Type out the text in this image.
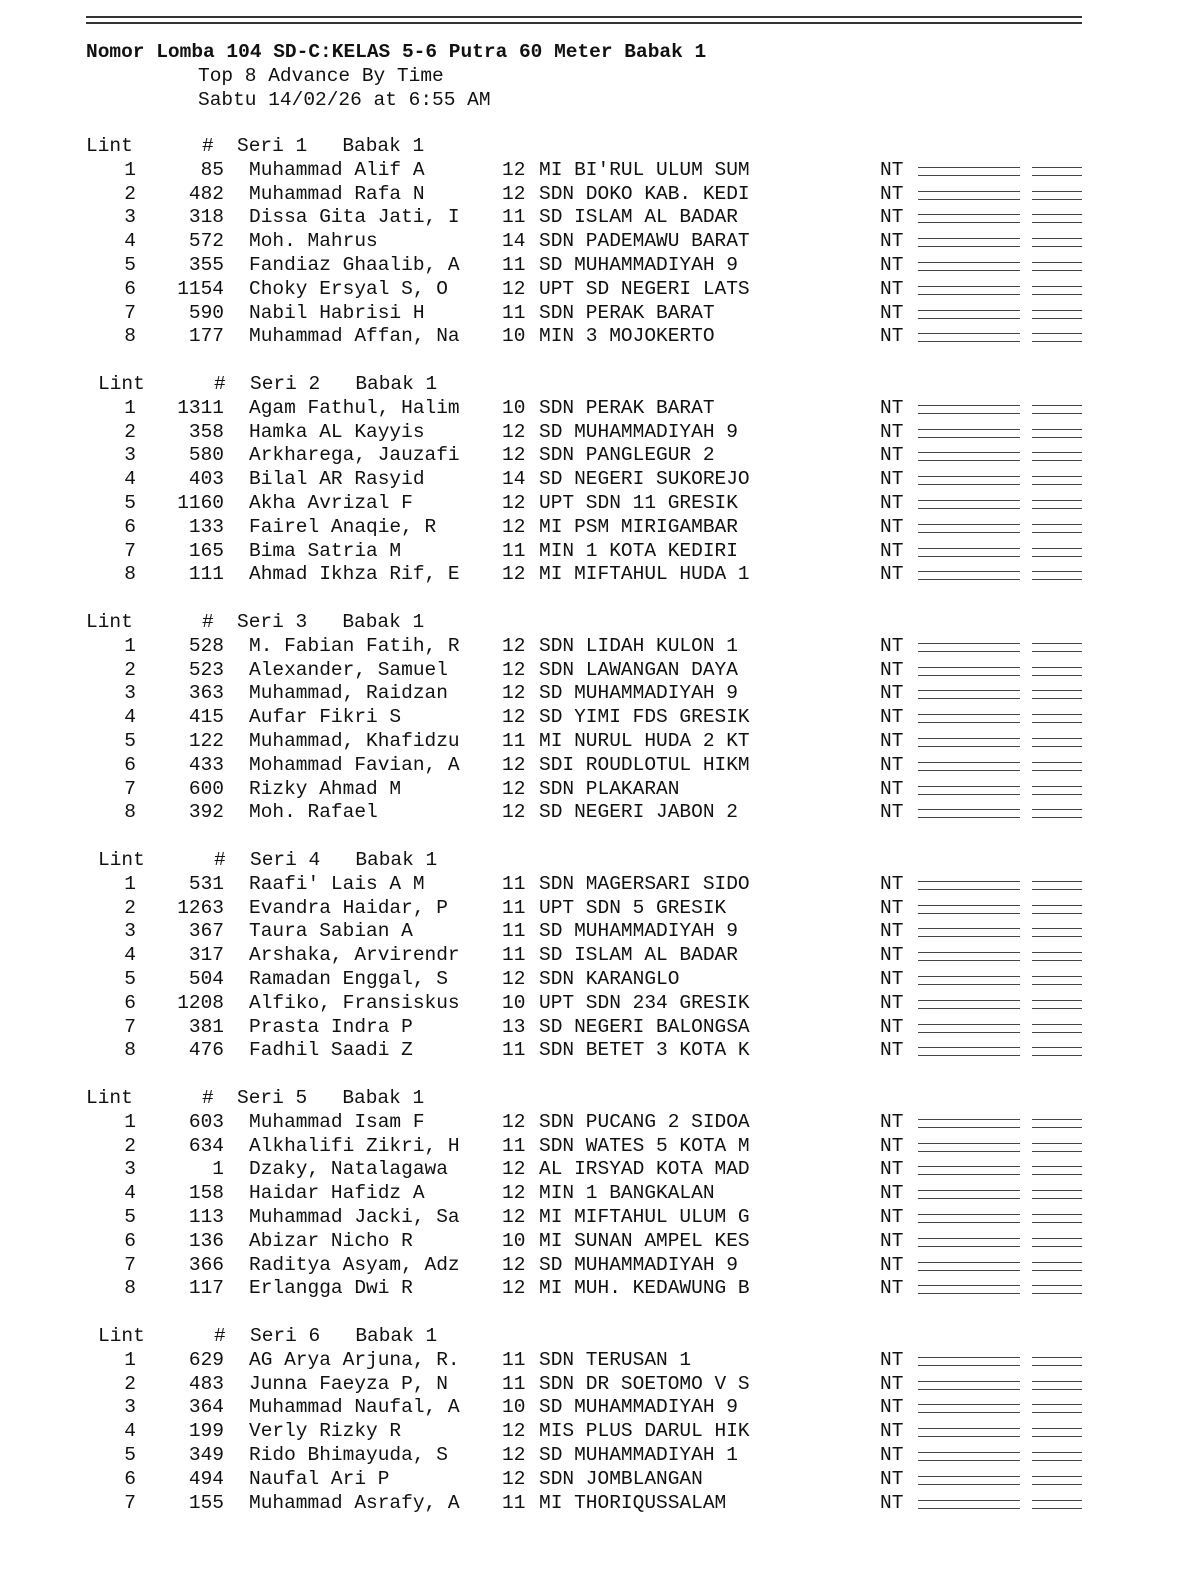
Nomor Lomba 104 SD-C:KELAS 5-6 Putra 60 Meter Babak 1
Top 8 Advance By Time
Sabtu 14/02/26 at 6:55 AM
Lint	# Seri 1   Babak 1
1	85 Muhammad Alif A	12 MI BI'RUL ULUM SUM	NT
2	482 Muhammad Rafa N	12 SDN DOKO KAB. KEDI	NT
3	318 Dissa Gita Jati, I 11 SD ISLAM AL BADAR	NT
4	572 Moh. Mahrus	14 SDN PADEMAWU BARAT	NT
5	355 Fandiaz Ghaalib, A 11 SD MUHAMMADIYAH 9	NT
6	1154 Choky Ersyal S, O	12 UPT SD NEGERI LATS	NT
7	590 Nabil Habrisi H	11 SDN PERAK BARAT	NT
8	177 Muhammad Affan, Na 10 MIN 3 MOJOKERTO	NT
Lint	# Seri 2   Babak 1
1	1311 Agam Fathul, Halim 10 SDN PERAK BARAT	NT
2	358 Hamka AL Kayyis	12 SD MUHAMMADIYAH 9	NT
3	580 Arkharega, Jauzafi 12 SDN PANGLEGUR 2	NT
4	403 Bilal AR Rasyid	14 SD NEGERI SUKOREJO	NT
5	1160 Akha Avrizal F	12 UPT SDN 11 GRESIK	NT
6	133 Fairel Anaqie, R	12 MI PSM MIRIGAMBAR	NT
7	165 Bima Satria M	11 MIN 1 KOTA KEDIRI	NT
8	111 Ahmad Ikhza Rif, E 12 MI MIFTAHUL HUDA 1	NT
Lint	# Seri 3   Babak 1
1	528 M. Fabian Fatih, R 12 SDN LIDAH KULON 1	NT
2	523 Alexander, Samuel	12 SDN LAWANGAN DAYA	NT
3	363 Muhammad, Raidzan	12 SD MUHAMMADIYAH 9	NT
4	415 Aufar Fikri S	12 SD YIMI FDS GRESIK	NT
5	122 Muhammad, Khafidzu 11 MI NURUL HUDA 2 KT	NT
6	433 Mohammad Favian, A 12 SDI ROUDLOTUL HIKM	NT
7	600 Rizky Ahmad M	12 SDN PLAKARAN	NT
8	392 Moh. Rafael	12 SD NEGERI JABON 2	NT
Lint	# Seri 4   Babak 1
1	531 Raafi' Lais A M	11 SDN MAGERSARI SIDO	NT
2	1263 Evandra Haidar, P	11 UPT SDN 5 GRESIK	NT
3	367 Taura Sabian A	11 SD MUHAMMADIYAH 9	NT
4	317 Arshaka, Arvirendr 11 SD ISLAM AL BADAR	NT
5	504 Ramadan Enggal, S	12 SDN KARANGLO	NT
6	1208 Alfiko, Fransiskus 10 UPT SDN 234 GRESIK	NT
7	381 Prasta Indra P	13 SD NEGERI BALONGSA	NT
8	476 Fadhil Saadi Z	11 SDN BETET 3 KOTA K	NT
Lint	# Seri 5   Babak 1
1	603 Muhammad Isam F	12 SDN PUCANG 2 SIDOA	NT
2	634 Alkhalifi Zikri, H 11 SDN WATES 5 KOTA M	NT
3	1 Dzaky, Natalagawa	12 AL IRSYAD KOTA MAD	NT
4	158 Haidar Hafidz A	12 MIN 1 BANGKALAN	NT
5	113 Muhammad Jacki, Sa 12 MI MIFTAHUL ULUM G	NT
6	136 Abizar Nicho R	10 MI SUNAN AMPEL KES	NT
7	366 Raditya Asyam, Adz 12 SD MUHAMMADIYAH 9	NT
8	117 Erlangga Dwi R	12 MI MUH. KEDAWUNG B	NT
Lint	# Seri 6   Babak 1
1	629 AG Arya Arjuna, R. 11 SDN TERUSAN 1	NT
2	483 Junna Faeyza P, N	11 SDN DR SOETOMO V S	NT
3	364 Muhammad Naufal, A 10 SD MUHAMMADIYAH 9	NT
4	199 Verly Rizky R	12 MIS PLUS DARUL HIK	NT
5	349 Rido Bhimayuda, S	12 SD MUHAMMADIYAH 1	NT
6	494 Naufal Ari P	12 SDN JOMBLANGAN	NT
7	155 Muhammad Asrafy, A 11 MI THORIQUSSALAM	NT
